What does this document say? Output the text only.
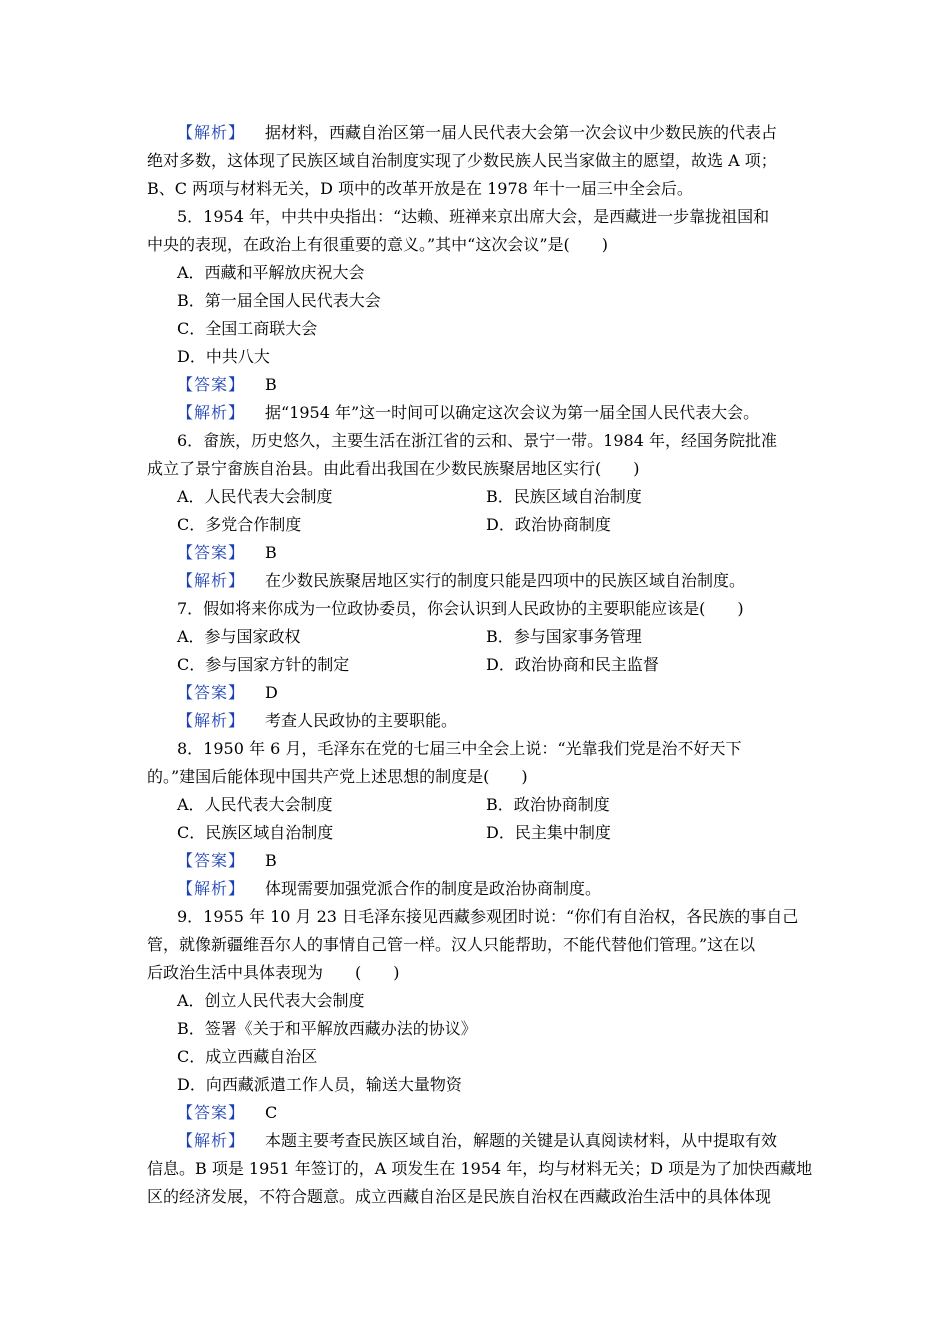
【解析】 据材料，西藏自治区第一届人民代表大会第一次会议中少数民族的代表占
绝对多数，这体现了民族区域自治制度实现了少数民族人民当家做主的愿望，故选 A 项；
B、C 两项与材料无关，D 项中的改革开放是在 1978 年十一届三中全会后。
5．1954 年，中共中央指出：“达赖、班禅来京出席大会，是西藏进一步靠拢祖国和
中央的表现，在政治上有很重要的意义。”其中“这次会议”是(　　)
A．西藏和平解放庆祝大会
B．第一届全国人民代表大会
C．全国工商联大会
D．中共八大
【答案】 B
【解析】 据“1954 年”这一时间可以确定这次会议为第一届全国人民代表大会。
6．畲族，历史悠久，主要生活在浙江省的云和、景宁一带。1984 年，经国务院批准
成立了景宁畲族自治县。由此看出我国在少数民族聚居地区实行(　　)
A．人民代表大会制度	B．民族区域自治制度
C．多党合作制度	D．政治协商制度
【答案】 B
【解析】 在少数民族聚居地区实行的制度只能是四项中的民族区域自治制度。
7．假如将来你成为一位政协委员，你会认识到人民政协的主要职能应该是(　　)
A．参与国家政权	B．参与国家事务管理
C．参与国家方针的制定	D．政治协商和民主监督
【答案】 D
【解析】 考查人民政协的主要职能。
8．1950 年 6 月，毛泽东在党的七届三中全会上说：“光靠我们党是治不好天下
的。”建国后能体现中国共产党上述思想的制度是(　　)
A．人民代表大会制度	B．政治协商制度
C．民族区域自治制度	D．民主集中制度
【答案】 B
【解析】 体现需要加强党派合作的制度是政治协商制度。
9．1955 年 10 月 23 日毛泽东接见西藏参观团时说：“你们有自治权，各民族的事自己
管，就像新疆维吾尔人的事情自己管一样。汉人只能帮助，不能代替他们管理。”这在以
后政治生活中具体表现为　　(　　)
A．创立人民代表大会制度
B．签署《关于和平解放西藏办法的协议》
C．成立西藏自治区
D．向西藏派遣工作人员，输送大量物资
【答案】 C
【解析】 本题主要考查民族区域自治，解题的关键是认真阅读材料，从中提取有效
信息。B 项是 1951 年签订的，A 项发生在 1954 年，均与材料无关；D 项是为了加快西藏地
区的经济发展，不符合题意。成立西藏自治区是民族自治权在西藏政治生活中的具体体现
